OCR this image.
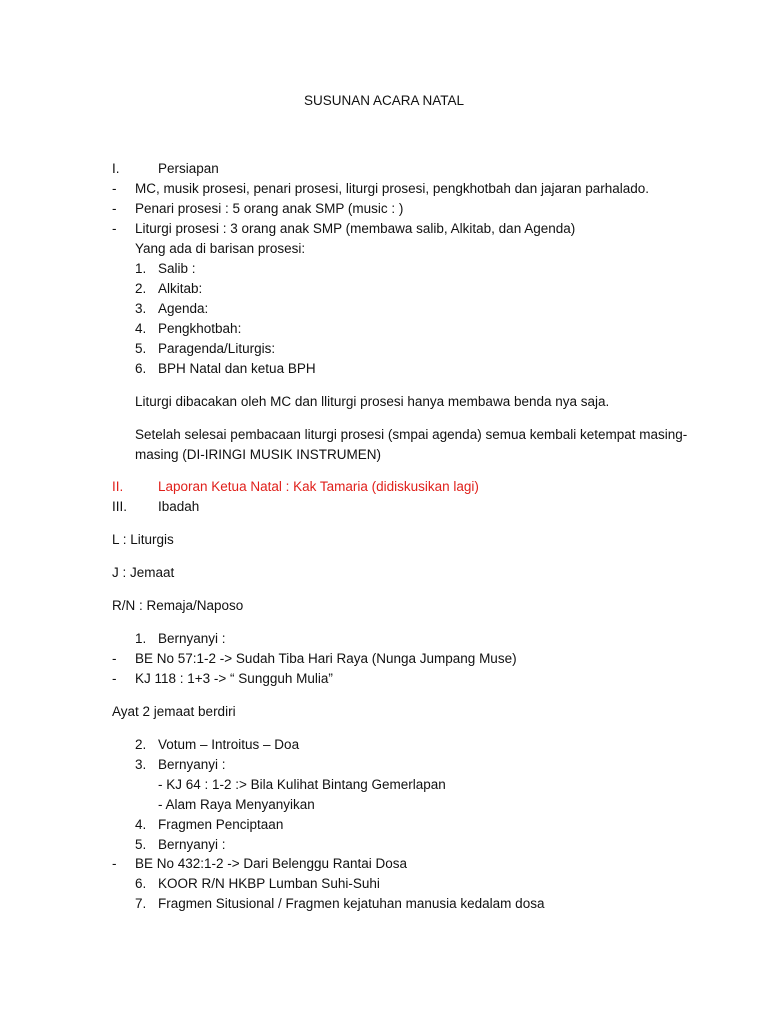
SUSUNAN ACARA NATAL
I.	Persiapan
- MC, musik prosesi, penari prosesi, liturgi prosesi, pengkhotbah dan jajaran parhalado.
- Penari prosesi : 5 orang anak SMP (music : )
- Liturgi prosesi : 3 orang anak SMP (membawa salib, Alkitab, dan Agenda)
Yang ada di barisan prosesi:
1. Salib :
2. Alkitab:
3. Agenda:
4. Pengkhotbah:
5. Paragenda/Liturgis:
6. BPH Natal dan ketua BPH
Liturgi dibacakan oleh MC dan lliturgi prosesi hanya membawa benda nya saja.
Setelah selesai pembacaan liturgi prosesi (smpai agenda) semua kembali ketempat masing-
masing (DI-IRINGI MUSIK INSTRUMEN)
II.	Laporan Ketua Natal : Kak Tamaria (didiskusikan lagi)
III. Ibadah
L : Liturgis
J : Jemaat
R/N : Remaja/Naposo
1. Bernyanyi :
- BE No 57:1-2 -> Sudah Tiba Hari Raya (Nunga Jumpang Muse)
- KJ 118 : 1+3 -> “ Sungguh Mulia”
Ayat 2 jemaat berdiri
2. Votum – Introitus – Doa
3. Bernyanyi :
- KJ 64 : 1-2 :> Bila Kulihat Bintang Gemerlapan
- Alam Raya Menyanyikan
4. Fragmen Penciptaan
5. Bernyanyi :
- BE No 432:1-2 -> Dari Belenggu Rantai Dosa
6. KOOR R/N HKBP Lumban Suhi-Suhi
7. Fragmen Situsional / Fragmen kejatuhan manusia kedalam dosa
